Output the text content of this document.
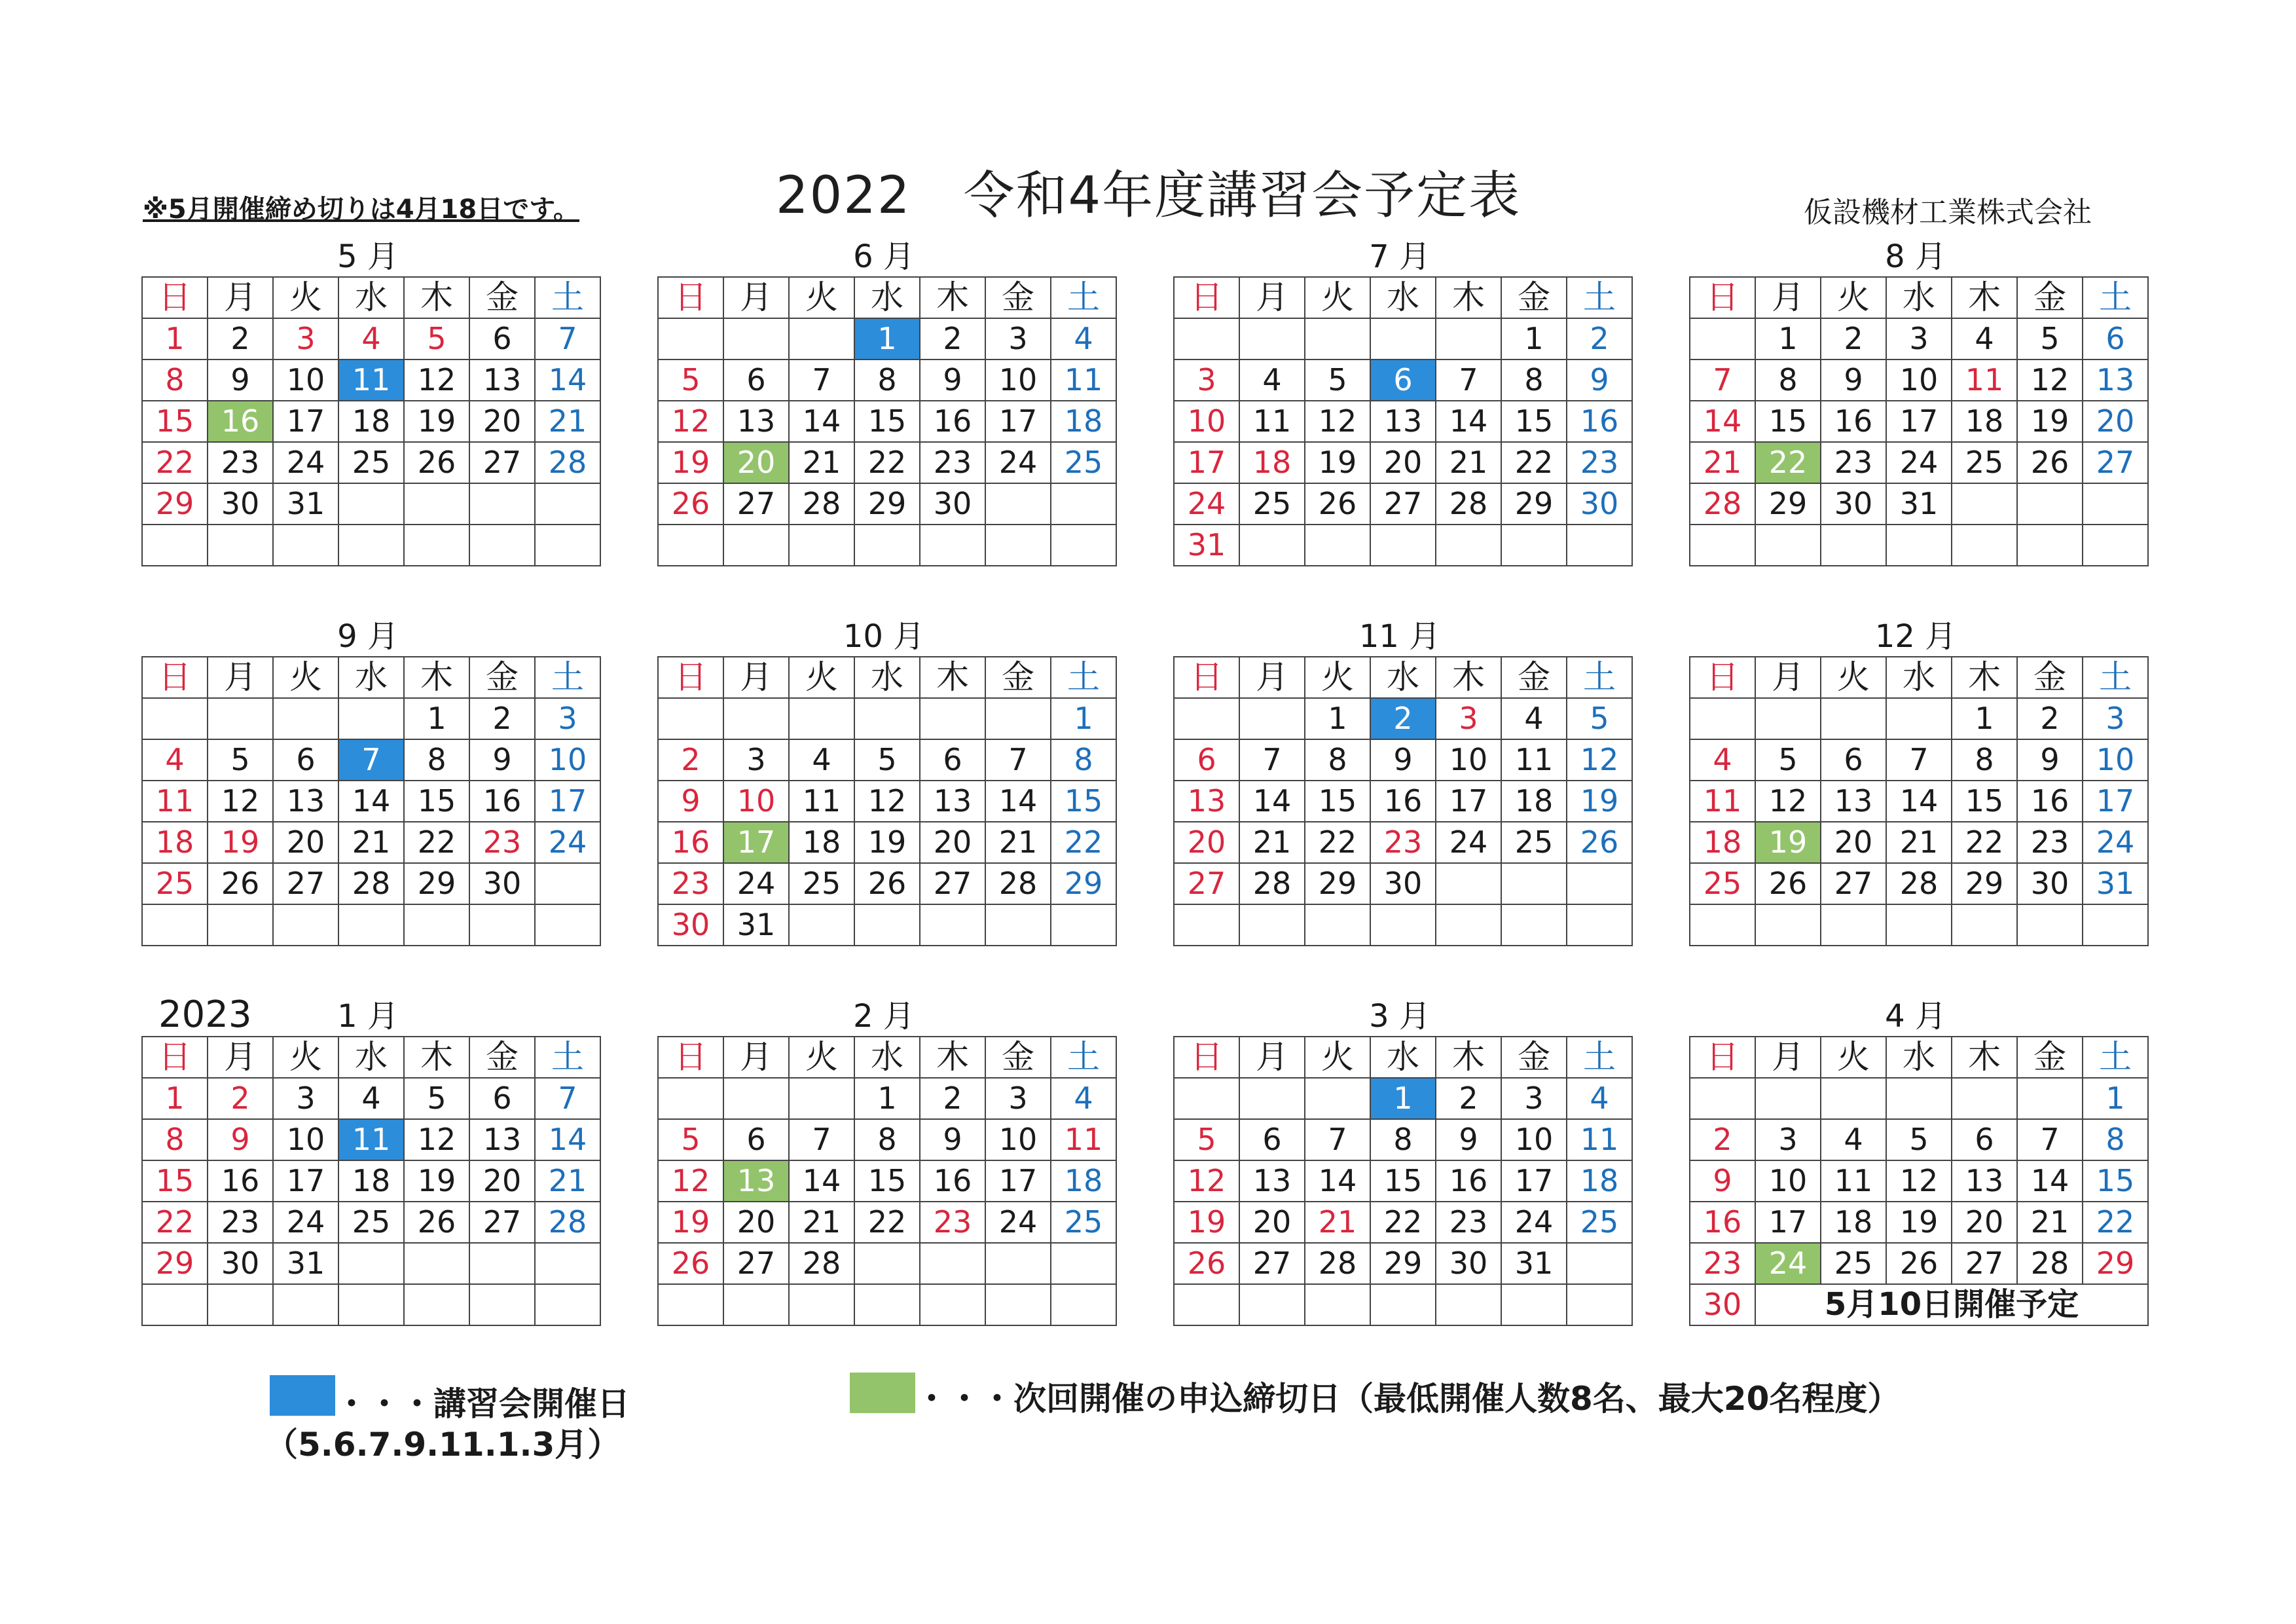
2022　令和4年度講習会予定表
※5月開催締め切りは4月18日です。	仮設機材工業株式会社
5 月
日	月	火	水	木	金	土
1	2	3	4	5	6	7
8	9	10	11	12	13	14
15	16	17	18	19	20	21
22	23	24	25	26	27	28
29	30	31				

6 月
日	月	火	水	木	金	土
			1	2	3	4
5	6	7	8	9	10	11
12	13	14	15	16	17	18
19	20	21	22	23	24	25
26	27	28	29	30		

7 月
日	月	火	水	木	金	土
					1	2
3	4	5	6	7	8	9
10	11	12	13	14	15	16
17	18	19	20	21	22	23
24	25	26	27	28	29	30
31						
8 月
日	月	火	水	木	金	土
	1	2	3	4	5	6
7	8	9	10	11	12	13
14	15	16	17	18	19	20
21	22	23	24	25	26	27
28	29	30	31			

9 月
日	月	火	水	木	金	土
				1	2	3
4	5	6	7	8	9	10
11	12	13	14	15	16	17
18	19	20	21	22	23	24
25	26	27	28	29	30	

10 月
日	月	火	水	木	金	土
						1
2	3	4	5	6	7	8
9	10	11	12	13	14	15
16	17	18	19	20	21	22
23	24	25	26	27	28	29
30	31					
11 月
日	月	火	水	木	金	土
		1	2	3	4	5
6	7	8	9	10	11	12
13	14	15	16	17	18	19
20	21	22	23	24	25	26
27	28	29	30			

12 月
日	月	火	水	木	金	土
				1	2	3
4	5	6	7	8	9	10
11	12	13	14	15	16	17
18	19	20	21	22	23	24
25	26	27	28	29	30	31

1 月
2023
日	月	火	水	木	金	土
1	2	3	4	5	6	7
8	9	10	11	12	13	14
15	16	17	18	19	20	21
22	23	24	25	26	27	28
29	30	31				

2 月
日	月	火	水	木	金	土
			1	2	3	4
5	6	7	8	9	10	11
12	13	14	15	16	17	18
19	20	21	22	23	24	25
26	27	28				

3 月
日	月	火	水	木	金	土
			1	2	3	4
5	6	7	8	9	10	11
12	13	14	15	16	17	18
19	20	21	22	23	24	25
26	27	28	29	30	31	

4 月
日	月	火	水	木	金	土
						1
2	3	4	5	6	7	8
9	10	11	12	13	14	15
16	17	18	19	20	21	22
23	24	25	26	27	28	29
30	5月10日開催予定					
・・・講習会開催日
（5.6.7.9.11.1.3月）
・・・次回開催の申込締切日（最低開催人数8名、最大20名程度）
